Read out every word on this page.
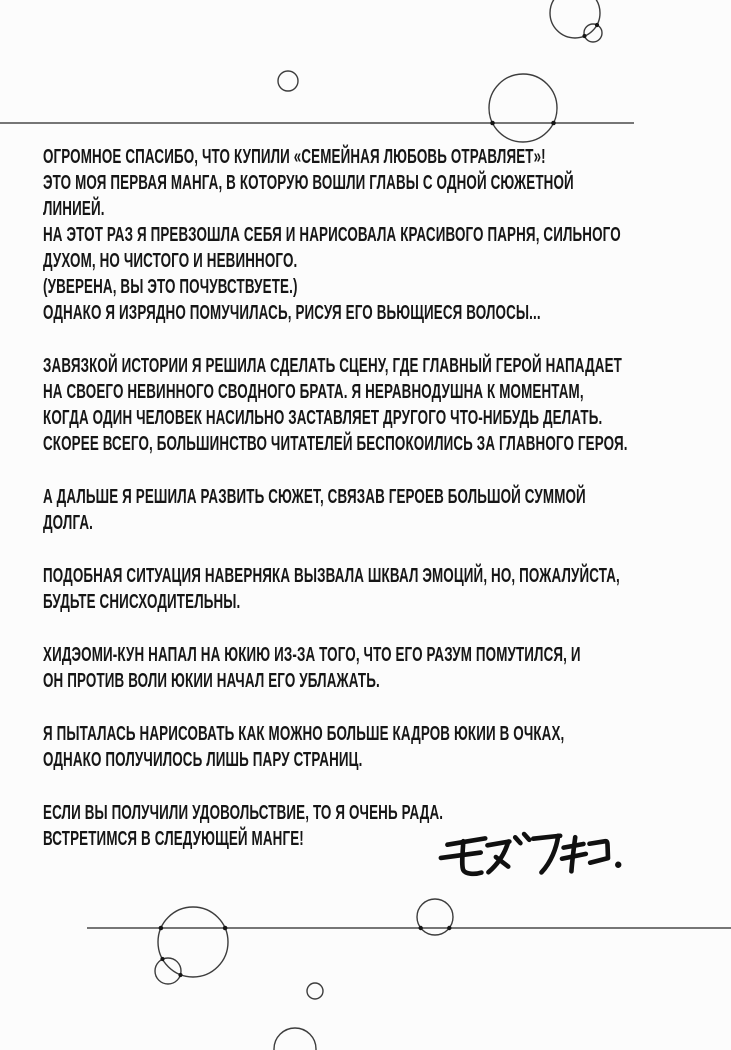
ОГРОМНОЕ СПАСИБО, ЧТО КУПИЛИ «СЕМЕЙНАЯ ЛЮБОВЬ ОТРАВЛЯЕТ»!
ЭТО МОЯ ПЕРВАЯ МАНГА, В КОТОРУЮ ВОШЛИ ГЛАВЫ С ОДНОЙ СЮЖЕТНОЙ
ЛИНИЕЙ.
НА ЭТОТ РАЗ Я ПРЕВЗОШЛА СЕБЯ И НАРИСОВАЛА КРАСИВОГО ПАРНЯ, СИЛЬНОГО
ДУХОМ, НО ЧИСТОГО И НЕВИННОГО.
(УВЕРЕНА, ВЫ ЭТО ПОЧУВСТВУЕТЕ.)
ОДНАКО Я ИЗРЯДНО ПОМУЧИЛАСЬ, РИСУЯ ЕГО ВЬЮЩИЕСЯ ВОЛОСЫ...

ЗАВЯЗКОЙ ИСТОРИИ Я РЕШИЛА СДЕЛАТЬ СЦЕНУ, ГДЕ ГЛАВНЫЙ ГЕРОЙ НАПАДАЕТ
НА СВОЕГО НЕВИННОГО СВОДНОГО БРАТА. Я НЕРАВНОДУШНА К МОМЕНТАМ,
КОГДА ОДИН ЧЕЛОВЕК НАСИЛЬНО ЗАСТАВЛЯЕТ ДРУГОГО ЧТО-НИБУДЬ ДЕЛАТЬ.
СКОРЕЕ ВСЕГО, БОЛЬШИНСТВО ЧИТАТЕЛЕЙ БЕСПОКОИЛИСЬ ЗА ГЛАВНОГО ГЕРОЯ.

А ДАЛЬШЕ Я РЕШИЛА РАЗВИТЬ СЮЖЕТ, СВЯЗАВ ГЕРОЕВ БОЛЬШОЙ СУММОЙ
ДОЛГА.

ПОДОБНАЯ СИТУАЦИЯ НАВЕРНЯКА ВЫЗВАЛА ШКВАЛ ЭМОЦИЙ, НО, ПОЖАЛУЙСТА,
БУДЬТЕ СНИСХОДИТЕЛЬНЫ.

ХИДЭОМИ-КУН НАПАЛ НА ЮКИЮ ИЗ-ЗА ТОГО, ЧТО ЕГО РАЗУМ ПОМУТИЛСЯ, И
ОН ПРОТИВ ВОЛИ ЮКИИ НАЧАЛ ЕГО УБЛАЖАТЬ.

Я ПЫТАЛАСЬ НАРИСОВАТЬ КАК МОЖНО БОЛЬШЕ КАДРОВ ЮКИИ В ОЧКАХ,
ОДНАКО ПОЛУЧИЛОСЬ ЛИШЬ ПАРУ СТРАНИЦ.

ЕСЛИ ВЫ ПОЛУЧИЛИ УДОВОЛЬСТВИЕ, ТО Я ОЧЕНЬ РАДА.
ВСТРЕТИМСЯ В СЛЕДУЮЩЕЙ МАНГЕ!
